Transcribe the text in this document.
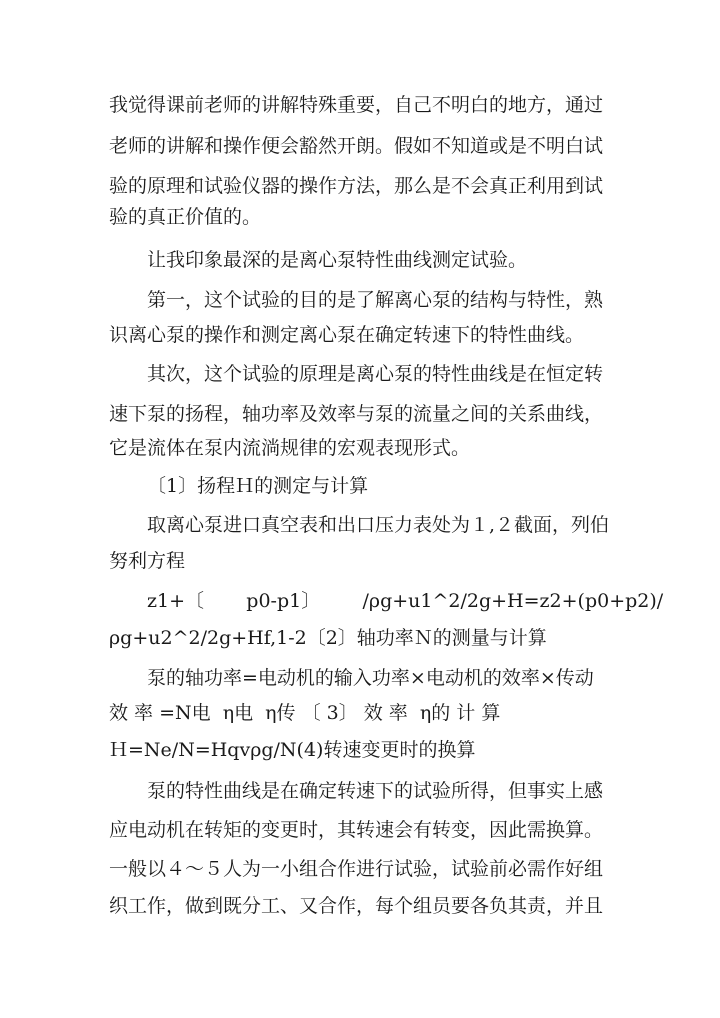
我觉得课前老师的讲解特殊重要，自己不明白的地方，通过
老师的讲解和操作便会豁然开朗。假如不知道或是不明白试
验的原理和试验仪器的操作方法，那么是不会真正利用到试
验的真正价值的。
让我印象最深的是离心泵特性曲线测定试验。
第一，这个试验的目的是了解离心泵的结构与特性，熟
识离心泵的操作和测定离心泵在确定转速下的特性曲线。
其次，这个试验的原理是离心泵的特性曲线是在恒定转
速下泵的扬程，轴功率及效率与泵的流量之间的关系曲线，
它是流体在泵内流淌规律的宏观表现形式。
〔1〕扬程Ｈ的测定与计算
取离心泵进口真空表和出口压力表处为１,２截面，列伯
努利方程
z1+〔       p0-p1〕       /ρg+u1^2/2g+H=z2+(p0+p2)/
ρg+u2^2/2g+Hf,1-2〔2〕轴功率Ｎ的测量与计算
泵的轴功率=电动机的输入功率×电动机的效率×传动
效 率 =N电  η电  η传 〔 3〕 效 率  η的 计 算
Ｈ=Ne/N=Hqvρg/N(4)转速变更时的换算
泵的特性曲线是在确定转速下的试验所得，但事实上感
应电动机在转矩的变更时，其转速会有转变，因此需换算。
一般以４～５人为一小组合作进行试验，试验前必需作好组
织工作，做到既分工、又合作，每个组员要各负其责，并且
